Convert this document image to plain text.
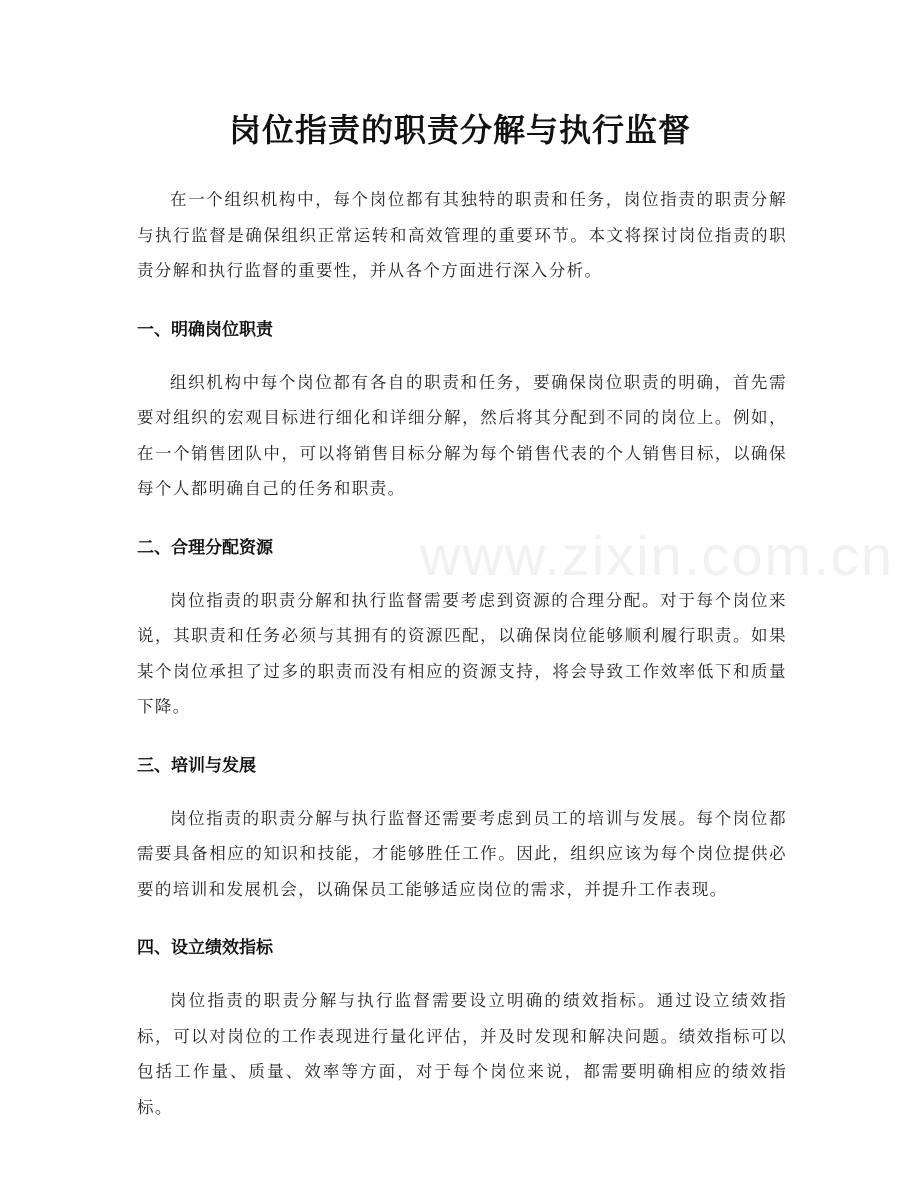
岗位指责的职责分解与执行监督
www.zixin.com.cn

在一个组织机构中，每个岗位都有其独特的职责和任务，岗位指责的职责分解与执行监督是确保组织正常运转和高效管理的重要环节。本文将探讨岗位指责的职责分解和执行监督的重要性，并从各个方面进行深入分析。

一、明确岗位职责

组织机构中每个岗位都有各自的职责和任务，要确保岗位职责的明确，首先需要对组织的宏观目标进行细化和详细分解，然后将其分配到不同的岗位上。例如，在一个销售团队中，可以将销售目标分解为每个销售代表的个人销售目标，以确保每个人都明确自己的任务和职责。

二、合理分配资源

岗位指责的职责分解和执行监督需要考虑到资源的合理分配。对于每个岗位来说，其职责和任务必须与其拥有的资源匹配，以确保岗位能够顺利履行职责。如果某个岗位承担了过多的职责而没有相应的资源支持，将会导致工作效率低下和质量下降。

三、培训与发展

岗位指责的职责分解与执行监督还需要考虑到员工的培训与发展。每个岗位都需要具备相应的知识和技能，才能够胜任工作。因此，组织应该为每个岗位提供必要的培训和发展机会，以确保员工能够适应岗位的需求，并提升工作表现。

四、设立绩效指标

岗位指责的职责分解与执行监督需要设立明确的绩效指标。通过设立绩效指标，可以对岗位的工作表现进行量化评估，并及时发现和解决问题。绩效指标可以包括工作量、质量、效率等方面，对于每个岗位来说，都需要明确相应的绩效指标。
